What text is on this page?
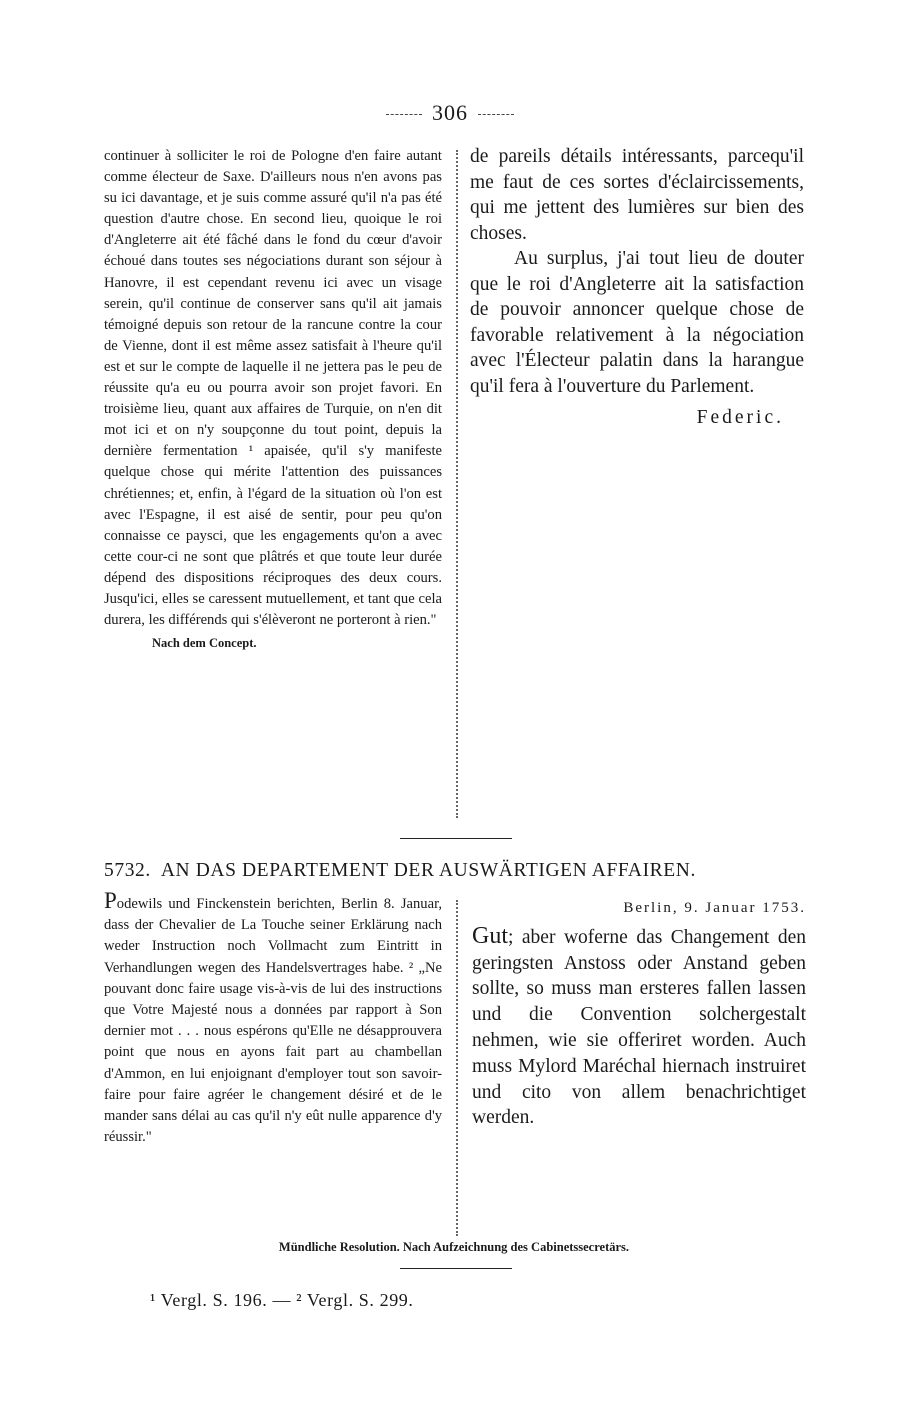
306

continuer à solliciter le roi de Pologne d'en faire autant comme électeur de Saxe. D'ailleurs nous n'en avons pas su ici davantage, et je suis comme assuré qu'il n'a pas été question d'autre chose. En second lieu, quoique le roi d'Angleterre ait été fâché dans le fond du cœur d'avoir échoué dans toutes ses négociations durant son séjour à Hanovre, il est cependant revenu ici avec un visage serein, qu'il continue de conserver sans qu'il ait jamais témoigné depuis son retour de la rancune contre la cour de Vienne, dont il est même assez satisfait à l'heure qu'il est et sur le compte de laquelle il ne jettera pas le peu de réussite qu'a eu ou pourra avoir son projet favori. En troisième lieu, quant aux affaires de Turquie, on n'en dit mot ici et on n'y soupçonne du tout point, depuis la dernière fermentation ¹ apaisée, qu'il s'y manifeste quelque chose qui mérite l'attention des puissances chrétiennes; et, enfin, à l'égard de la situation où l'on est avec l'Espagne, il est aisé de sentir, pour peu qu'on connaisse ce paysci, que les engagements qu'on a avec cette cour-ci ne sont que plâtrés et que toute leur durée dépend des dispositions réciproques des deux cours. Jusqu'ici, elles se caressent mutuellement, et tant que cela durera, les différends qui s'élèveront ne porteront à rien."

Nach dem Concept.

de pareils détails intéressants, parcequ'il me faut de ces sortes d'éclaircissements, qui me jettent des lumières sur bien des choses.

Au surplus, j'ai tout lieu de douter que le roi d'Angleterre ait la satisfaction de pouvoir annoncer quelque chose de favorable relativement à la négociation avec l'Électeur palatin dans la harangue qu'il fera à l'ouverture du Parlement.

Federic.
5732. AN DAS DEPARTEMENT DER AUSWÄRTIGEN AFFAIREN.

Podewils und Finckenstein berichten, Berlin 8. Januar, dass der Chevalier de La Touche seiner Erklärung nach weder Instruction noch Vollmacht zum Eintritt in Verhandlungen wegen des Handelsvertrages habe. ² „Ne pouvant donc faire usage vis-à-vis de lui des instructions que Votre Majesté nous a données par rapport à Son dernier mot . . . nous espérons qu'Elle ne désapprouvera point que nous en ayons fait part au chambellan d'Ammon, en lui enjoignant d'employer tout son savoir-faire pour faire agréer le changement désiré et de le mander sans délai au cas qu'il n'y eût nulle apparence d'y réussir."

Berlin, 9. Januar 1753.

Gut; aber woferne das Changement den geringsten Anstoss oder Anstand geben sollte, so muss man ersteres fallen lassen und die Convention solchergestalt nehmen, wie sie offeriret worden. Auch muss Mylord Maréchal hiernach instruiret und cito von allem benachrichtiget werden.

Mündliche Resolution. Nach Aufzeichnung des Cabinetssecretärs.
¹ Vergl. S. 196. — ² Vergl. S. 299.
